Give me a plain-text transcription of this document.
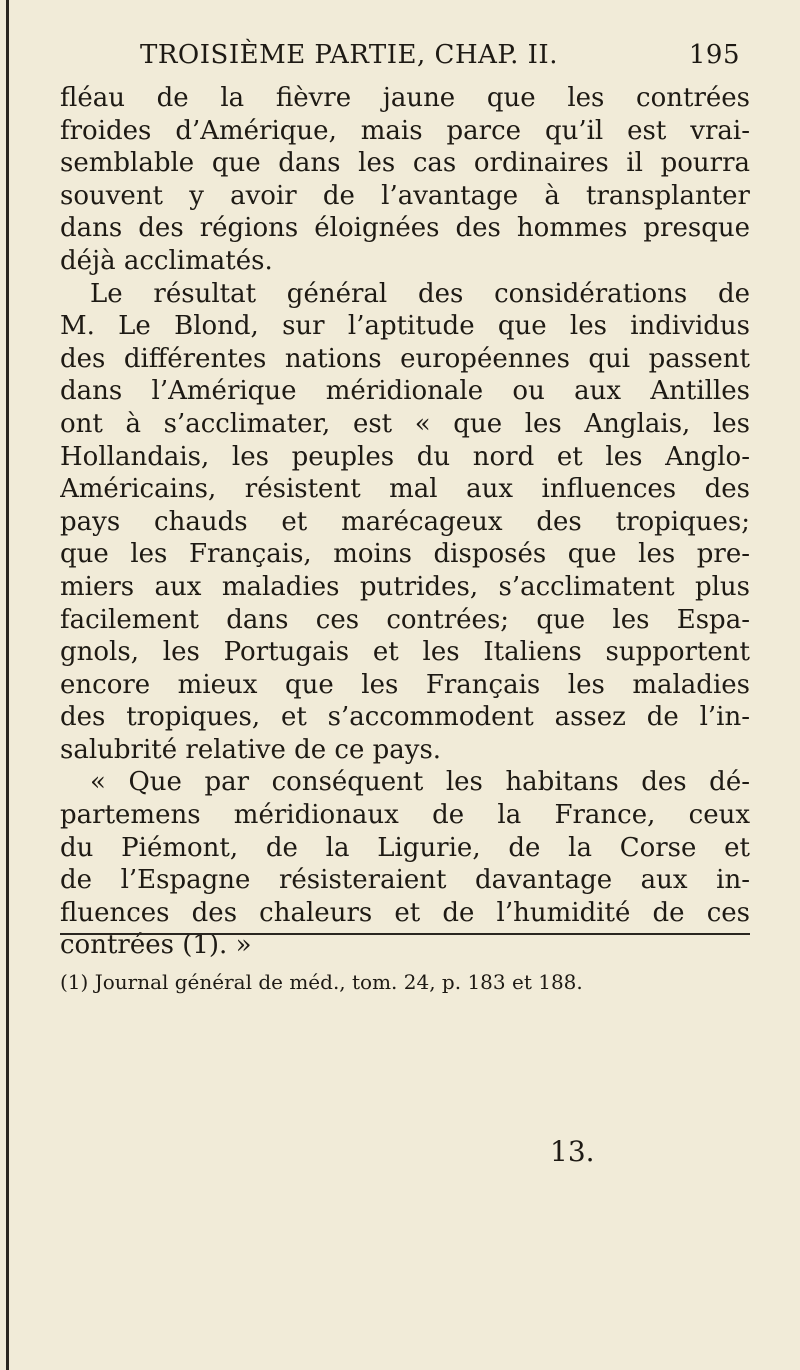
TROISIÈME PARTIE, CHAP. II.	195
fléau de la fièvre jaune que les contrées
froides d’Amérique, mais parce qu’il est vrai-
semblable que dans les cas ordinaires il pourra
souvent y avoir de l’avantage à transplanter
dans des régions éloignées des hommes presque
déjà acclimatés.
Le résultat général des considérations de
M. Le Blond, sur l’aptitude que les individus
des différentes nations européennes qui passent
dans l’Amérique méridionale ou aux Antilles
ont à s’acclimater, est « que les Anglais, les
Hollandais, les peuples du nord et les Anglo-
Américains, résistent mal aux influences des
pays chauds et marécageux des tropiques;
que les Français, moins disposés que les pre-
miers aux maladies putrides, s’acclimatent plus
facilement dans ces contrées; que les Espa-
gnols, les Portugais et les Italiens supportent
encore mieux que les Français les maladies
des tropiques, et s’accommodent assez de l’in-
salubrité relative de ce pays.
« Que par conséquent les habitans des dé-
partemens méridionaux de la France, ceux
du Piémont, de la Ligurie, de la Corse et
de l’Espagne résisteraient davantage aux in-
fluences des chaleurs et de l’humidité de ces
contrées (1). »
(1) Journal général de méd., tom. 24, p. 183 et 188.
13.
